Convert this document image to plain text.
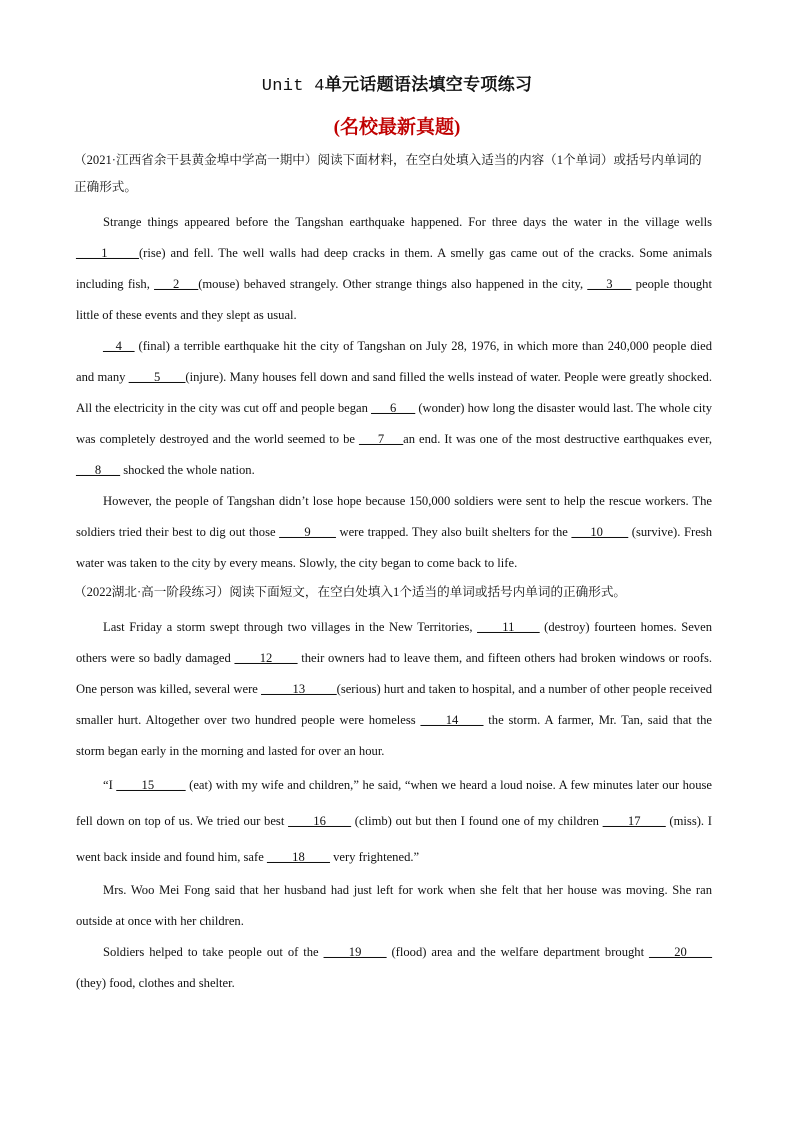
Unit 4单元话题语法填空专项练习
(名校最新真题)

（2021·江西省余干县黄金埠中学高一期中）阅读下面材料，在空白处填入适当的内容（1个单词）或括号内单词的正确形式。

Strange things appeared before the Tangshan earthquake happened. For three days the water in the village wells ____1_____(rise) and fell. The well walls had deep cracks in them. A smelly gas came out of the cracks. Some animals including fish, ___2___(mouse) behaved strangely. Other strange things also happened in the city, ___3___ people thought little of these events and they slept as usual.

__4__ (final) a terrible earthquake hit the city of Tangshan on July 28, 1976, in which more than 240,000 people died and many ____5____(injure). Many houses fell down and sand filled the wells instead of water. People were greatly shocked. All the electricity in the city was cut off and people began ___6___ (wonder) how long the disaster would last. The whole city was completely destroyed and the world seemed to be ___7___an end. It was one of the most destructive earthquakes ever, ___8___ shocked the whole nation.

However, the people of Tangshan didn’t lose hope because 150,000 soldiers were sent to help the rescue workers. The soldiers tried their best to dig out those ____9____ were trapped. They also built shelters for the ___10____ (survive). Fresh water was taken to the city by every means. Slowly, the city began to come back to life.

（2022湖北·高一阶段练习）阅读下面短文，在空白处填入1个适当的单词或括号内单词的正确形式。

Last Friday a storm swept through two villages in the New Territories, ____11____ (destroy) fourteen homes. Seven others were so badly damaged ____12____ their owners had to leave them, and fifteen others had broken windows or roofs. One person was killed, several were _____13_____(serious) hurt and taken to hospital, and a number of other people received smaller hurt. Altogether over two hundred people were homeless ____14____ the storm. A farmer, Mr. Tan, said that the storm began early in the morning and lasted for over an hour.

“I ____15_____ (eat) with my wife and children,” he said, “when we heard a loud noise. A few minutes later our house fell down on top of us. We tried our best ____16____ (climb) out but then I found one of my children ____17____ (miss). I went back inside and found him, safe ____18____ very frightened.”

Mrs. Woo Mei Fong said that her husband had just left for work when she felt that her house was moving. She ran outside at once with her children.

Soldiers helped to take people out of the ____19____ (flood) area and the welfare department brought ____20____ (they) food, clothes and shelter.
